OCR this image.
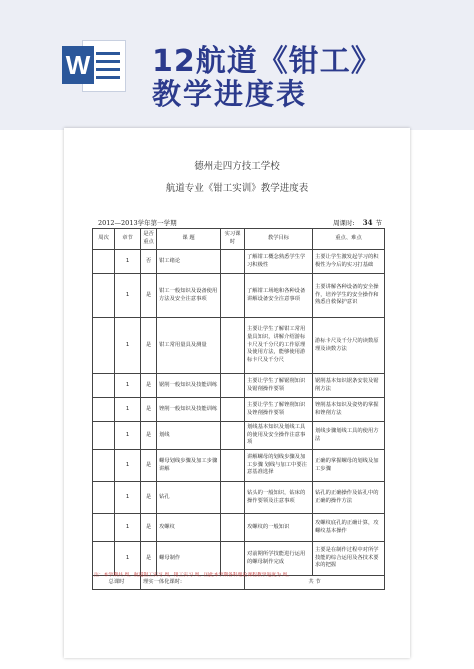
W 12航道《钳工》
教学进度表
德州走四方技工学校
航道专业《钳工实训》教学进度表
2012—2013学年第一学期	周课时: 34 节
周次	章节	是否重点	课 题	实习课时	教学目标	重点、难点
	1	否	钳工绪论		了解钳工概念熟悉学生学习积极性	主要让学生激发起学习的积极性为今后的实习打基础
	1	是	钳工一般知识及设备使用方法及安全注意事项		了解钳工场地和各种设备 讲解设备安全注意事项	主要讲解各种设备的安全操作，培养学生的安全操作和熟悉自救保护意识
	1	是	钳工常用量具及测量		主要让学生了解钳工常用量具知识，讲解介绍游标卡尺及千分尺的工作原理及使用方法，能够使用游标卡尺及千分尺	游标卡尺及千分尺的读数原理及读数方法
	1	是	锯削一般知识及技能训练		主要让学生了解锯削知识及锯削操作要领	锯削基本知识锯条安装及锯削方法
	1	是	锉削一般知识及技能训练		主要让学生了解锉削知识及锉削操作要领	锉削基本知识及姿势的掌握和锉削方法
	1	是	划线		划线基本知识及划线工具的使用及安全操作注意事项	划线步骤划线工具的使用方法
	1	是	螺母划线步骤及加工步骤讲解		讲解螺母的划线步骤及加工步骤 划线与加工中要注意基准选择	正确的掌握螺母的划线及加工步骤
	1	是	钻孔		钻头的一般知识，钻床的操作要领及注意事项	钻孔的正确操作及钻孔中的正确的操作方法
	1	是	攻螺纹		攻螺纹的一般知识	攻螺纹底孔的正确计算，攻螺纹基本操作
	1	是	螺母制作		对前期所学技能进行运用的螺母制作完成	主要是在制作过程中对所学技能的综合运用及各技术要求的把握
总课时		理实一体化课时:			共 节	
注：本学期共 周，航道钳工实习 周，钳工实习 周，因此本学期各科理论课程教学进度为 周。
